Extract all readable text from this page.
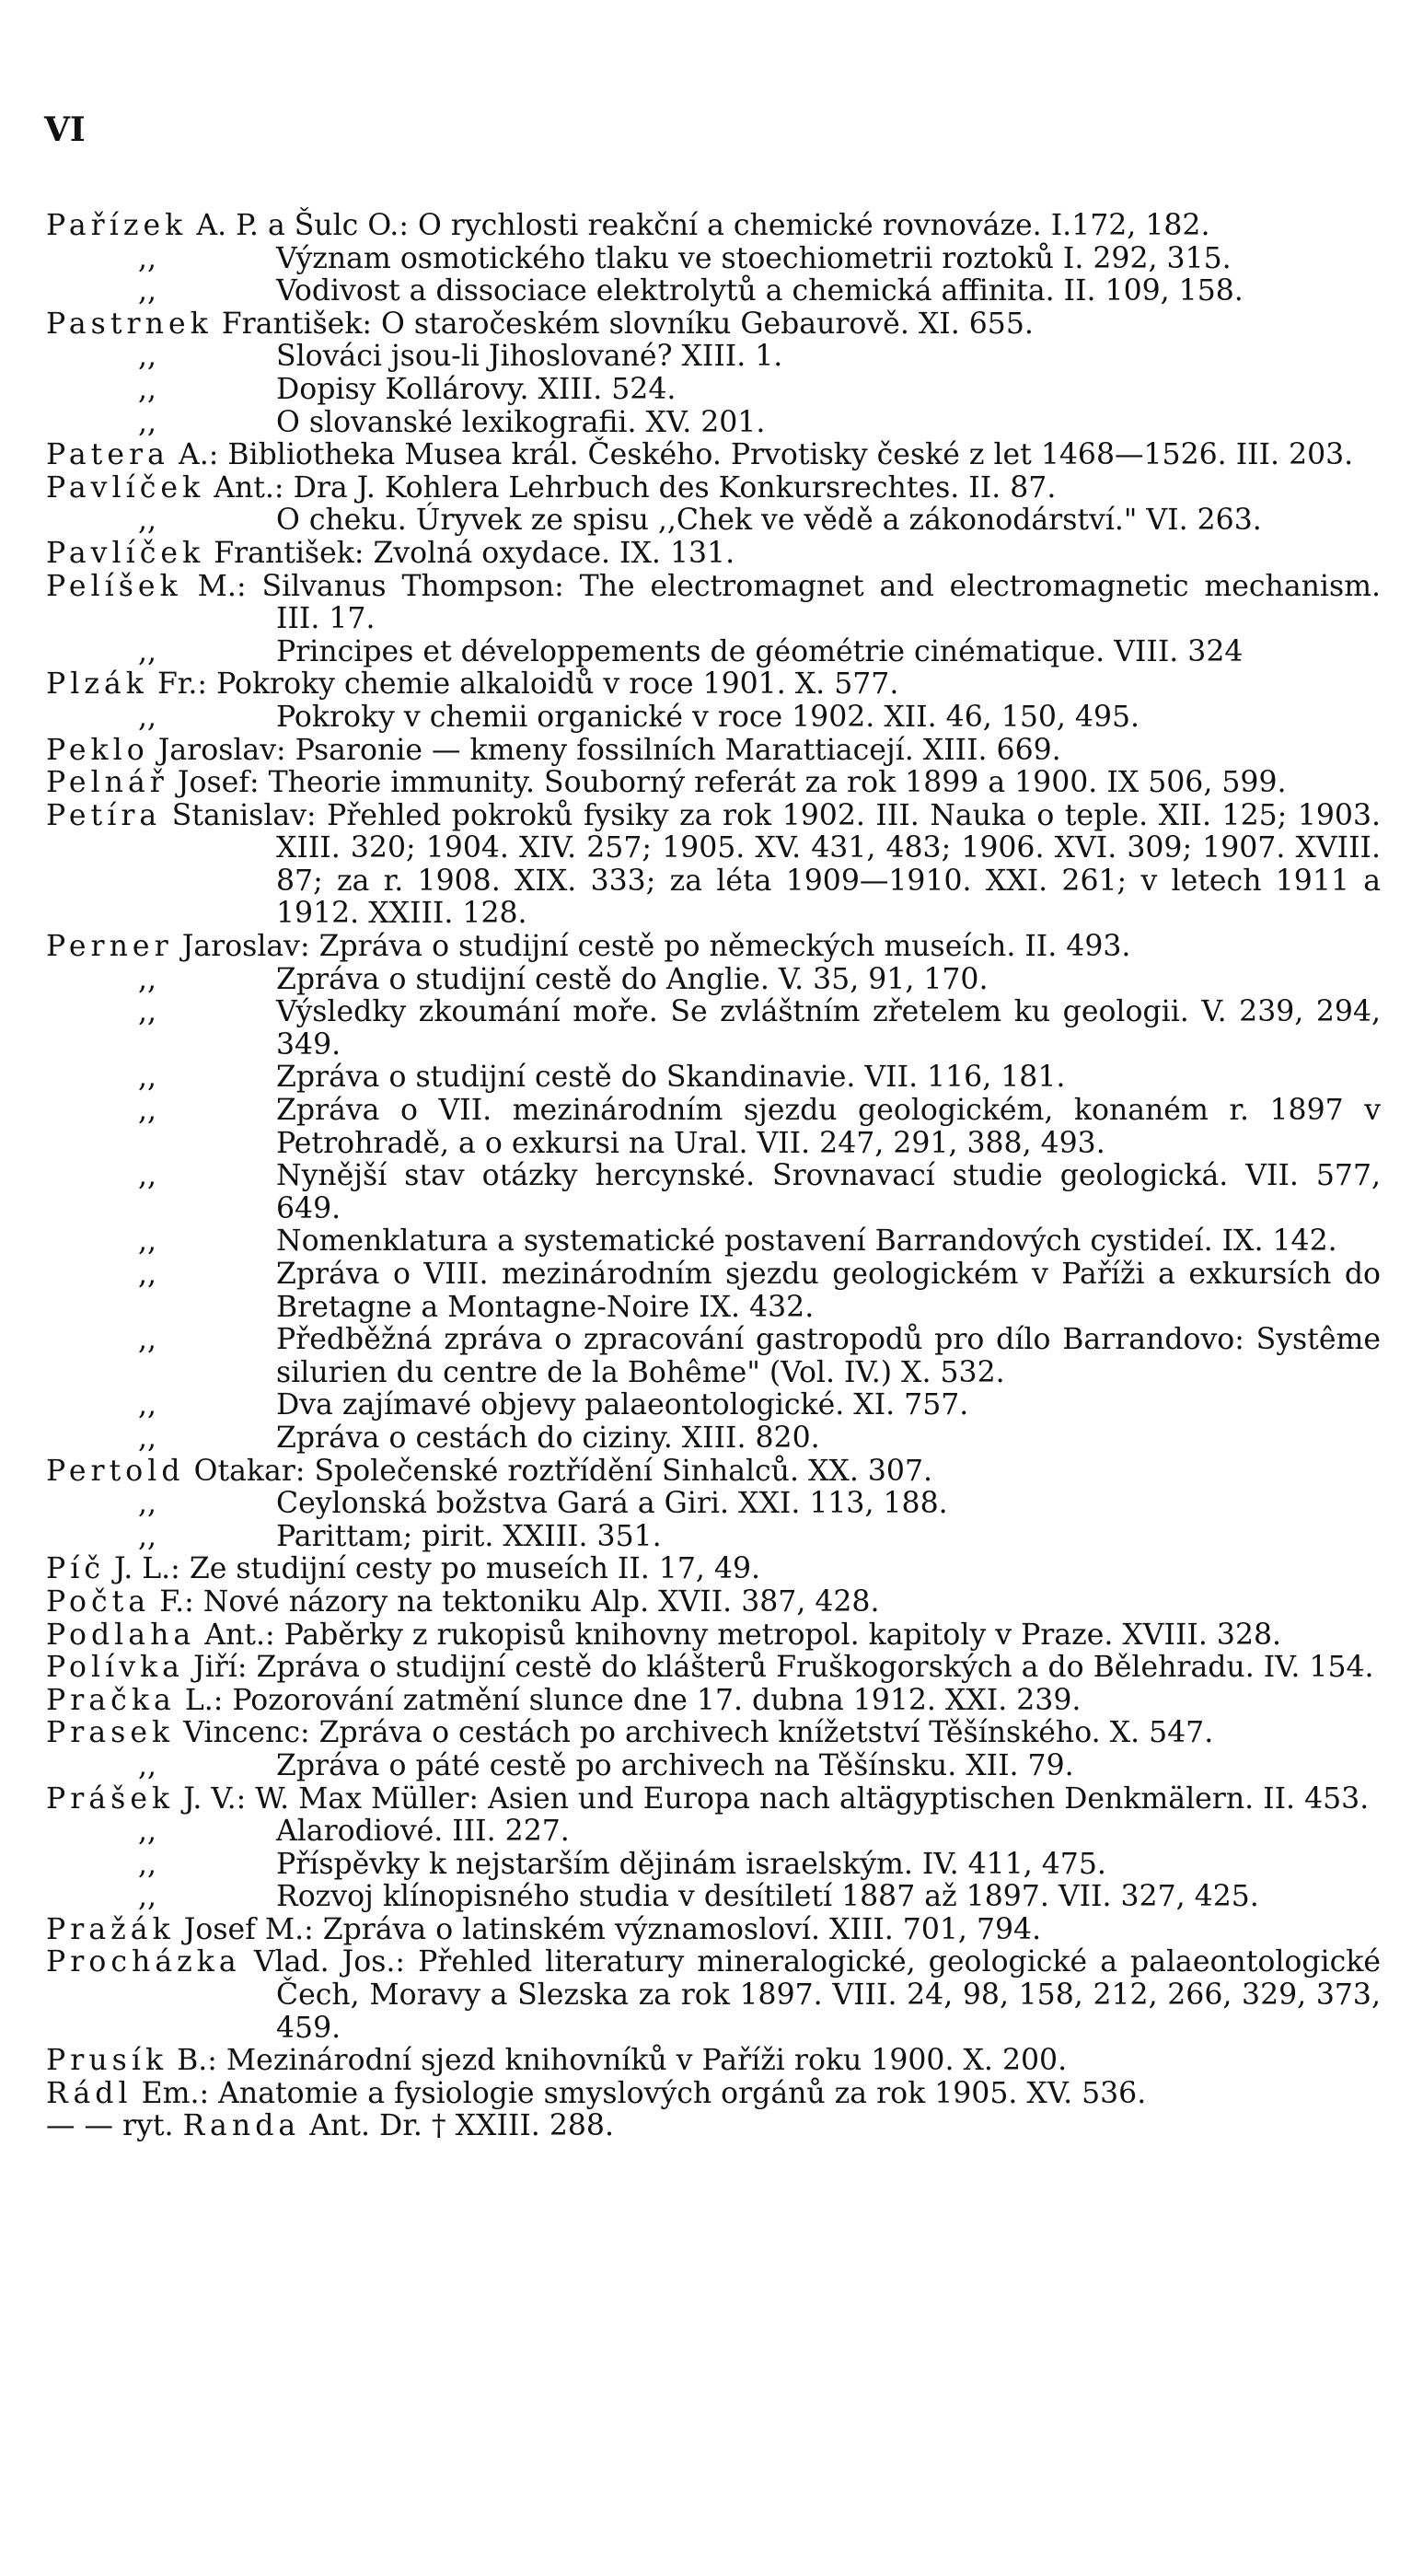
VI

Pařízek A. P. a Šulc O.: O rychlosti reakční a chemické rovnováze. I.172, 182.

,,	Význam osmotického tlaku ve stoechiometrii roztoků I. 292, 315.

,,	Vodivost a dissociace elektrolytů a chemická affinita. II. 109, 158.

Pastrnek František: O staročeském slovníku Gebaurově. XI. 655.

,,	Slováci jsou-li Jihoslované? XIII. 1.

,,	Dopisy Kollárovy. XIII. 524.

,,	O slovanské lexikografii. XV. 201.

Patera A.: Bibliotheka Musea král. Českého. Prvotisky české z let 1468—1526. III. 203.

Pavlíček Ant.: Dra J. Kohlera Lehrbuch des Konkursrechtes. II. 87.

,,	O cheku. Úryvek ze spisu ,,Chek ve vědě a zákonodárství." VI. 263.

Pavlíček František: Zvolná oxydace. IX. 131.

Pelíšek M.: Silvanus Thompson: The electromagnet and electromagnetic mechanism. III. 17.

,,	Principes et développements de géométrie cinématique. VIII. 324

Plzák Fr.: Pokroky chemie alkaloidů v roce 1901. X. 577.

,,	Pokroky v chemii organické v roce 1902. XII. 46, 150, 495.

Peklo Jaroslav: Psaronie — kmeny fossilních Marattiacejí. XIII. 669.

Pelnář Josef: Theorie immunity. Souborný referát za rok 1899 a 1900. IX 506, 599.

Petíra Stanislav: Přehled pokroků fysiky za rok 1902. III. Nauka o teple. XII. 125; 1903. XIII. 320; 1904. XIV. 257; 1905. XV. 431, 483; 1906. XVI. 309; 1907. XVIII. 87; za r. 1908. XIX. 333; za léta 1909—1910. XXI. 261; v letech 1911 a 1912. XXIII. 128.

Perner Jaroslav: Zpráva o studijní cestě po německých museích. II. 493.

,,	Zpráva o studijní cestě do Anglie. V. 35, 91, 170.

,,	Výsledky zkoumání moře. Se zvláštním zřetelem ku geologii. V. 239, 294, 349.

,,	Zpráva o studijní cestě do Skandinavie. VII. 116, 181.

,,	Zpráva o VII. mezinárodním sjezdu geologickém, konaném r. 1897 v Petrohradě, a o exkursi na Ural. VII. 247, 291, 388, 493.

,,	Nynější stav otázky hercynské. Srovnavací studie geologická. VII. 577, 649.

,,	Nomenklatura a systematické postavení Barrandových cystideí. IX. 142.

,,	Zpráva o VIII. mezinárodním sjezdu geologickém v Paříži a exkursích do Bretagne a Montagne-Noire IX. 432.

,,	Předběžná zpráva o zpracování gastropodů pro dílo Barrandovo: Systême silurien du centre de la Bohême" (Vol. IV.) X. 532.

,,	Dva zajímavé objevy palaeontologické. XI. 757.

,,	Zpráva o cestách do ciziny. XIII. 820.

Pertold Otakar: Společenské roztřídění Sinhalců. XX. 307.

,,	Ceylonská božstva Gará a Giri. XXI. 113, 188.

,,	Parittam; pirit. XXIII. 351.

Píč J. L.: Ze studijní cesty po museích II. 17, 49.

Počta F.: Nové názory na tektoniku Alp. XVII. 387, 428.

Podlaha Ant.: Paběrky z rukopisů knihovny metropol. kapitoly v Praze. XVIII. 328.

Polívka Jiří: Zpráva o studijní cestě do klášterů Fruškogorských a do Bělehradu. IV. 154.

Pračka L.: Pozorování zatmění slunce dne 17. dubna 1912. XXI. 239.

Prasek Vincenc: Zpráva o cestách po archivech knížetství Těšínského. X. 547.

,,	Zpráva o páté cestě po archivech na Těšínsku. XII. 79.

Prášek J. V.: W. Max Müller: Asien und Europa nach altägyptischen Denkmälern. II. 453.

,,	Alarodiové. III. 227.

,,	Příspěvky k nejstarším dějinám israelským. IV. 411, 475.

,,	Rozvoj klínopisného studia v desítiletí 1887 až 1897. VII. 327, 425.

Pražák Josef M.: Zpráva o latinském významosloví. XIII. 701, 794.

Procházka Vlad. Jos.: Přehled literatury mineralogické, geologické a palaeontologické Čech, Moravy a Slezska za rok 1897. VIII. 24, 98, 158, 212, 266, 329, 373, 459.

Prusík B.: Mezinárodní sjezd knihovníků v Paříži roku 1900. X. 200.

Rádl Em.: Anatomie a fysiologie smyslových orgánů za rok 1905. XV. 536.

— — ryt. Randa Ant. Dr. † XXIII. 288.
